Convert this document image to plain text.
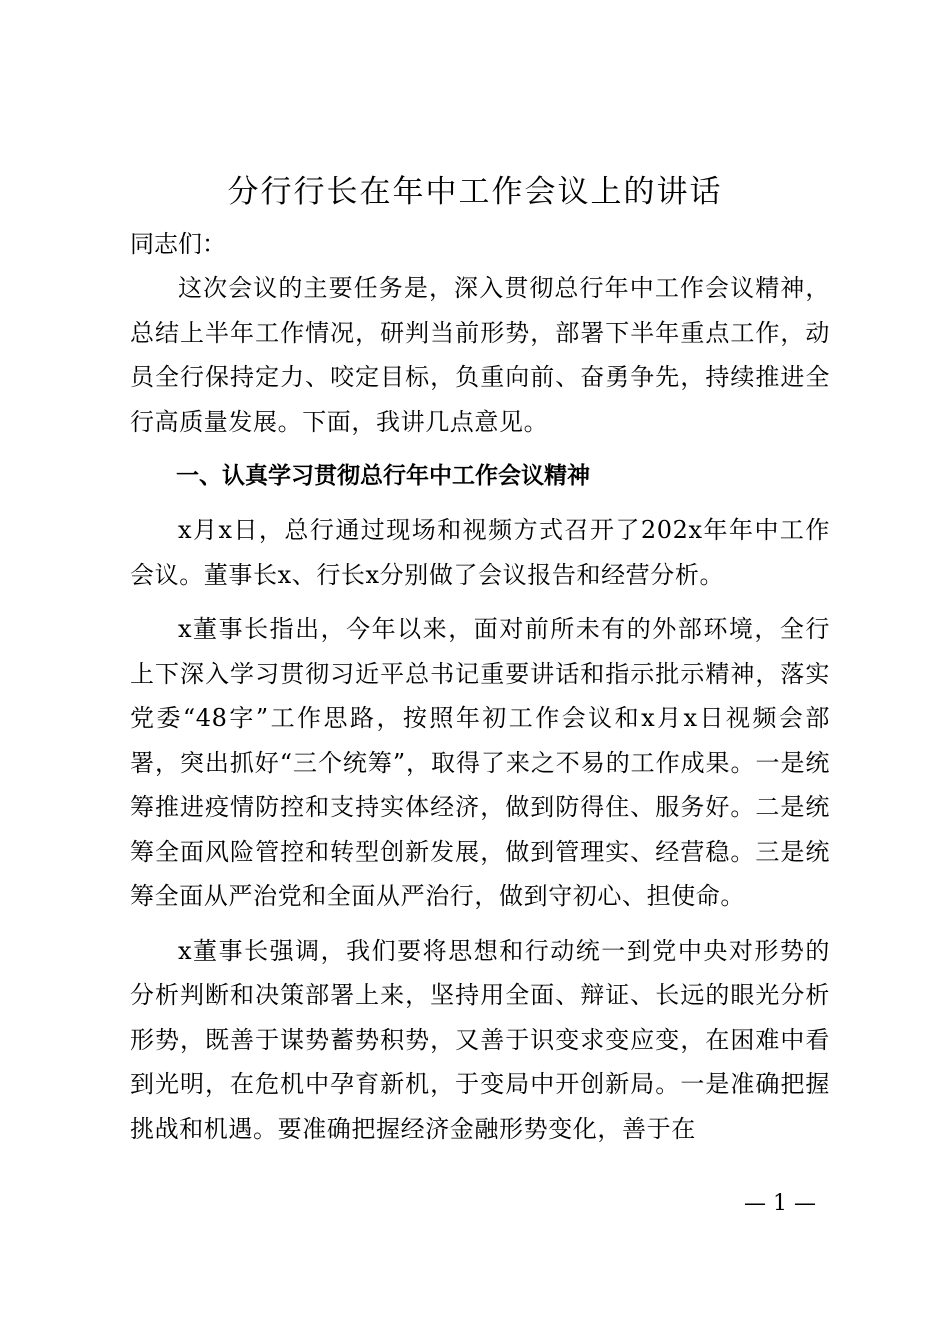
分行行长在年中工作会议上的讲话

同志们：

这次会议的主要任务是，深入贯彻总行年中工作会议精神，总结上半年工作情况，研判当前形势，部署下半年重点工作，动员全行保持定力、咬定目标，负重向前、奋勇争先，持续推进全行高质量发展。下面，我讲几点意见。

一、认真学习贯彻总行年中工作会议精神

x月x日，总行通过现场和视频方式召开了202x年年中工作会议。董事长x、行长x分别做了会议报告和经营分析。

x董事长指出，今年以来，面对前所未有的外部环境，全行上下深入学习贯彻习近平总书记重要讲话和指示批示精神，落实党委“48字”工作思路，按照年初工作会议和x月x日视频会部署，突出抓好“三个统筹”，取得了来之不易的工作成果。一是统筹推进疫情防控和支持实体经济，做到防得住、服务好。二是统筹全面风险管控和转型创新发展，做到管理实、经营稳。三是统筹全面从严治党和全面从严治行，做到守初心、担使命。

x董事长强调，我们要将思想和行动统一到党中央对形势的分析判断和决策部署上来，坚持用全面、辩证、长远的眼光分析形势，既善于谋势蓄势积势，又善于识变求变应变，在困难中看到光明，在危机中孕育新机，于变局中开创新局。一是准确把握挑战和机遇。要准确把握经济金融形势变化，善于在

— 1 —
